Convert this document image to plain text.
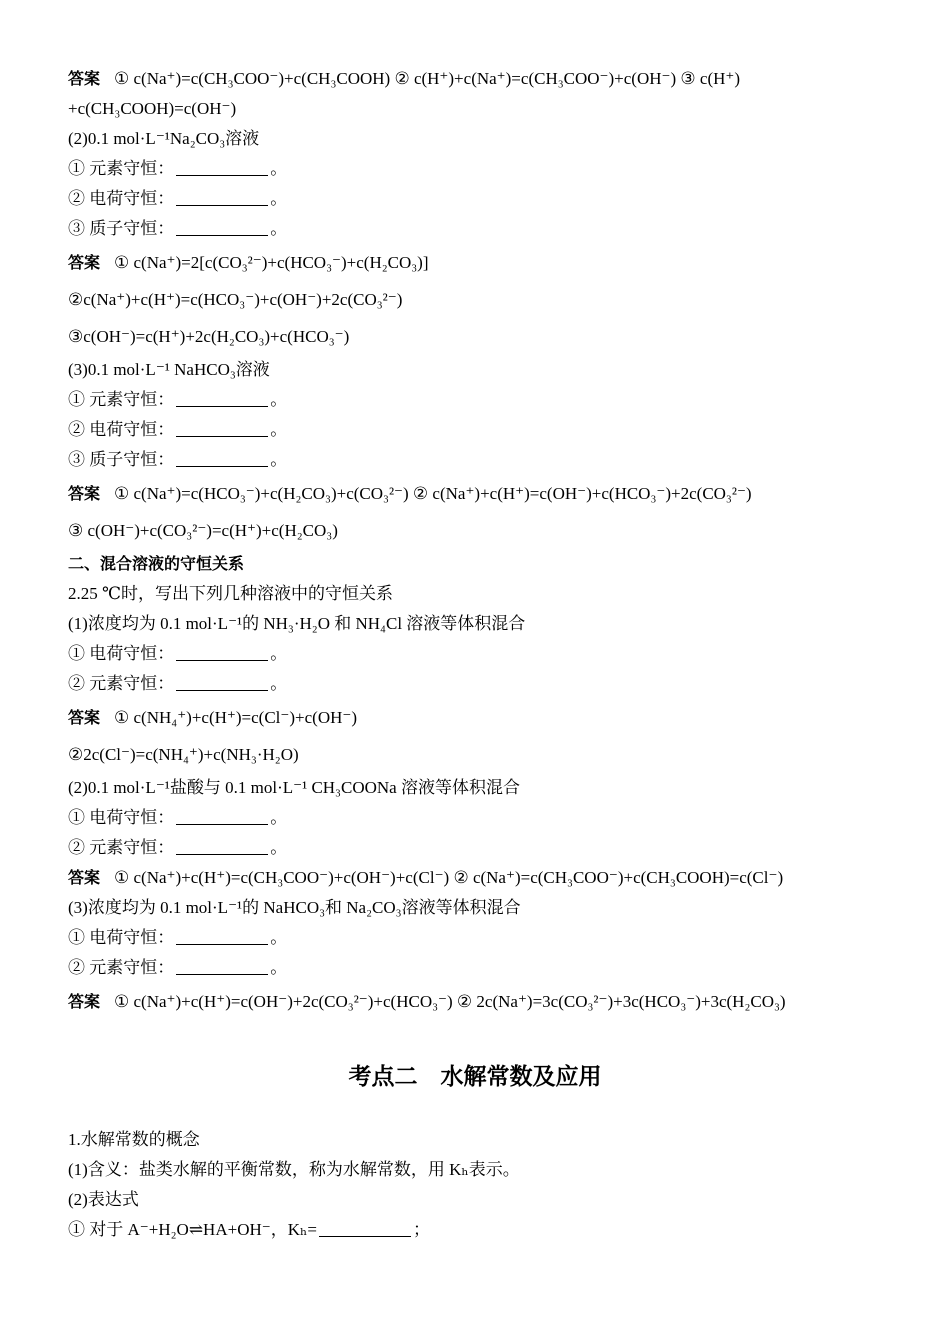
答案 ① c(Na⁺)=c(CH₃COO⁻)+c(CH₃COOH) ② c(H⁺)+c(Na⁺)=c(CH₃COO⁻)+c(OH⁻) ③ c(H⁺)
+c(CH₃COOH)=c(OH⁻)
(2)0.1 mol·L⁻¹Na₂CO₃溶液
① 元素守恒：	。
② 电荷守恒：	。
③ 质子守恒：	。
答案 ① c(Na⁺)=2[c(CO₃²⁻)+c(HCO₃⁻)+c(H₂CO₃)]
②c(Na⁺)+c(H⁺)=c(HCO₃⁻)+c(OH⁻)+2c(CO₃²⁻)
③c(OH⁻)=c(H⁺)+2c(H₂CO₃)+c(HCO₃⁻)
(3)0.1 mol·L⁻¹ NaHCO₃溶液
① 元素守恒：	。
② 电荷守恒：	。
③ 质子守恒：	。
答案 ① c(Na⁺)=c(HCO₃⁻)+c(H₂CO₃)+c(CO₃²⁻) ② c(Na⁺)+c(H⁺)=c(OH⁻)+c(HCO₃⁻)+2c(CO₃²⁻)
③ c(OH⁻)+c(CO₃²⁻)=c(H⁺)+c(H₂CO₃)
二、混合溶液的守恒关系
2.25 ℃时，写出下列几种溶液中的守恒关系
(1)浓度均为 0.1 mol·L⁻¹的 NH₃·H₂O 和 NH₄Cl 溶液等体积混合
① 电荷守恒：	。
② 元素守恒：	。
答案 ① c(NH₄⁺)+c(H⁺)=c(Cl⁻)+c(OH⁻)
②2c(Cl⁻)=c(NH₄⁺)+c(NH₃·H₂O)
(2)0.1 mol·L⁻¹盐酸与 0.1 mol·L⁻¹ CH₃COONa 溶液等体积混合
① 电荷守恒：	。
② 元素守恒：	。
答案 ① c(Na⁺)+c(H⁺)=c(CH₃COO⁻)+c(OH⁻)+c(Cl⁻) ② c(Na⁺)=c(CH₃COO⁻)+c(CH₃COOH)=c(Cl⁻)
(3)浓度均为 0.1 mol·L⁻¹的 NaHCO₃和 Na₂CO₃溶液等体积混合
① 电荷守恒：	。
② 元素守恒：	。
答案 ① c(Na⁺)+c(H⁺)=c(OH⁻)+2c(CO₃²⁻)+c(HCO₃⁻) ② 2c(Na⁺)=3c(CO₃²⁻)+3c(HCO₃⁻)+3c(H₂CO₃)
考点二　水解常数及应用
1.水解常数的概念
(1)含义：盐类水解的平衡常数，称为水解常数，用 Kₕ表示。
(2)表达式
① 对于 A⁻+H₂O⇌HA+OH⁻，Kₕ=	；
